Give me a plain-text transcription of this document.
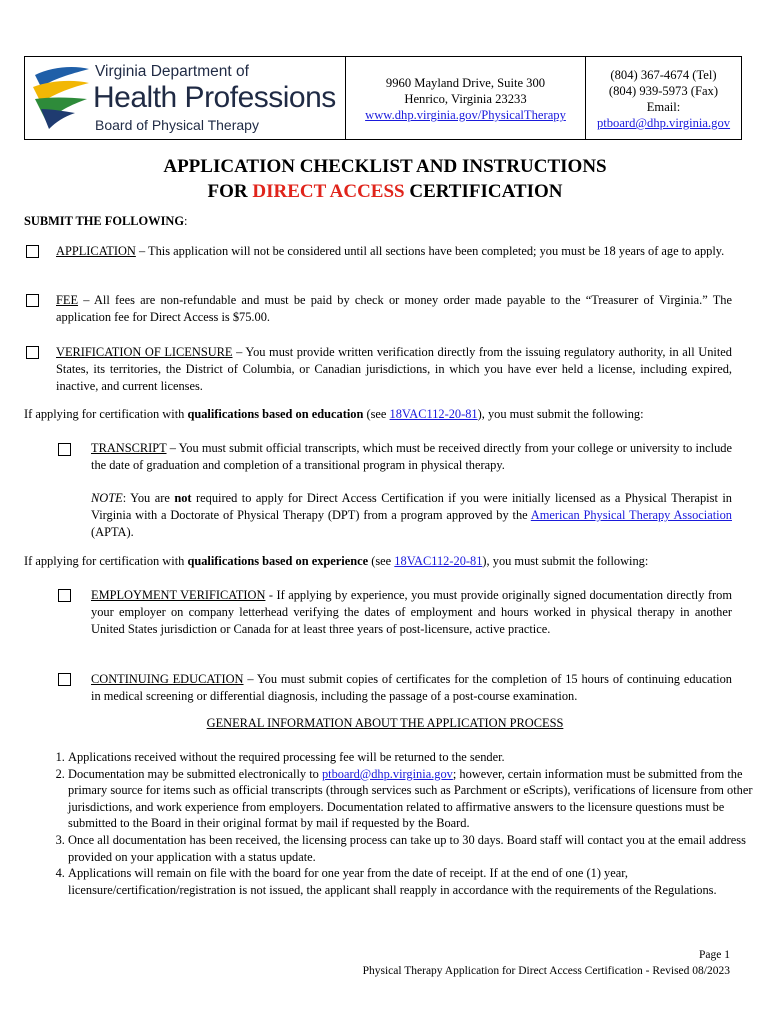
Virginia Department of
Health Professions
Board of Physical Therapy
9960 Mayland Drive, Suite 300
Henrico, Virginia 23233
www.dhp.virginia.gov/PhysicalTherapy
(804) 367-4674 (Tel)
(804) 939-5973 (Fax)
Email:
ptboard@dhp.virginia.gov
APPLICATION CHECKLIST AND INSTRUCTIONS
FOR DIRECT ACCESS CERTIFICATION
SUBMIT THE FOLLOWING:
APPLICATION – This application will not be considered until all sections have been completed; you must be 18 years of age to apply.
FEE – All fees are non-refundable and must be paid by check or money order made payable to the “Treasurer of Virginia.” The application fee for Direct Access is $75.00.
VERIFICATION OF LICENSURE – You must provide written verification directly from the issuing regulatory authority, in all United States, its territories, the District of Columbia, or Canadian jurisdictions, in which you have ever held a license, including expired, inactive, and current licenses.
If applying for certification with qualifications based on education (see 18VAC112-20-81), you must submit the following:
TRANSCRIPT – You must submit official transcripts, which must be received directly from your college or university to include the date of graduation and completion of a transitional program in physical therapy.
NOTE: You are not required to apply for Direct Access Certification if you were initially licensed as a Physical Therapist in Virginia with a Doctorate of Physical Therapy (DPT) from a program approved by the American Physical Therapy Association (APTA).
If applying for certification with qualifications based on experience (see 18VAC112-20-81), you must submit the following:
EMPLOYMENT VERIFICATION - If applying by experience, you must provide originally signed documentation directly from your employer on company letterhead verifying the dates of employment and hours worked in physical therapy in another United States jurisdiction or Canada for at least three years of post-licensure, active practice.
CONTINUING EDUCATION – You must submit copies of certificates for the completion of 15 hours of continuing education in medical screening or differential diagnosis, including the passage of a post-course examination.
GENERAL INFORMATION ABOUT THE APPLICATION PROCESS
1. Applications received without the required processing fee will be returned to the sender.
2. Documentation may be submitted electronically to ptboard@dhp.virginia.gov; however, certain information must be submitted from the primary source for items such as official transcripts (through services such as Parchment or eScripts), verifications of licensure from other jurisdictions, and work experience from employers. Documentation related to affirmative answers to the licensure questions must be submitted to the Board in their original format by mail if requested by the Board.
3. Once all documentation has been received, the licensing process can take up to 30 days. Board staff will contact you at the email address provided on your application with a status update.
4. Applications will remain on file with the board for one year from the date of receipt. If at the end of one (1) year, licensure/certification/registration is not issued, the applicant shall reapply in accordance with the requirements of the Regulations.
Page 1
Physical Therapy Application for Direct Access Certification - Revised 08/2023
